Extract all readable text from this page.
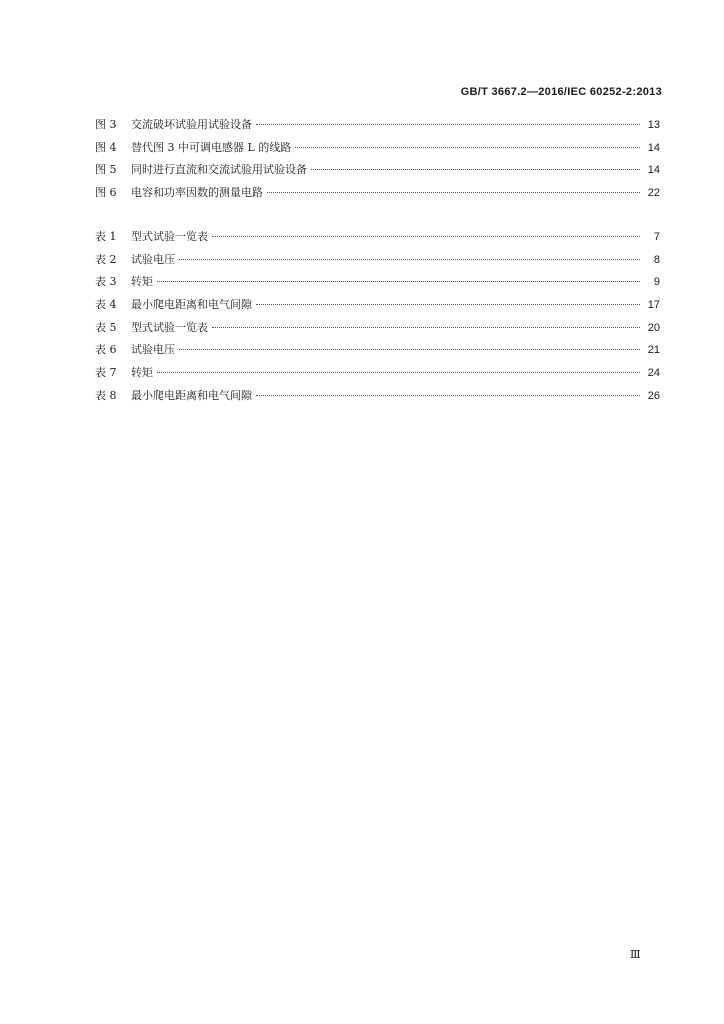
GB/T 3667.2—2016/IEC 60252-2:2013
图 3	交流破坏试验用试验设备	13
图 4	替代图 3 中可调电感器 L 的线路	14
图 5	同时进行直流和交流试验用试验设备	14
图 6	电容和功率因数的测量电路	22
表 1	型式试验一览表	7
表 2	试验电压	8
表 3	转矩	9
表 4	最小爬电距离和电气间隙	17
表 5	型式试验一览表	20
表 6	试验电压	21
表 7	转矩	24
表 8	最小爬电距离和电气间隙	26
Ⅲ
